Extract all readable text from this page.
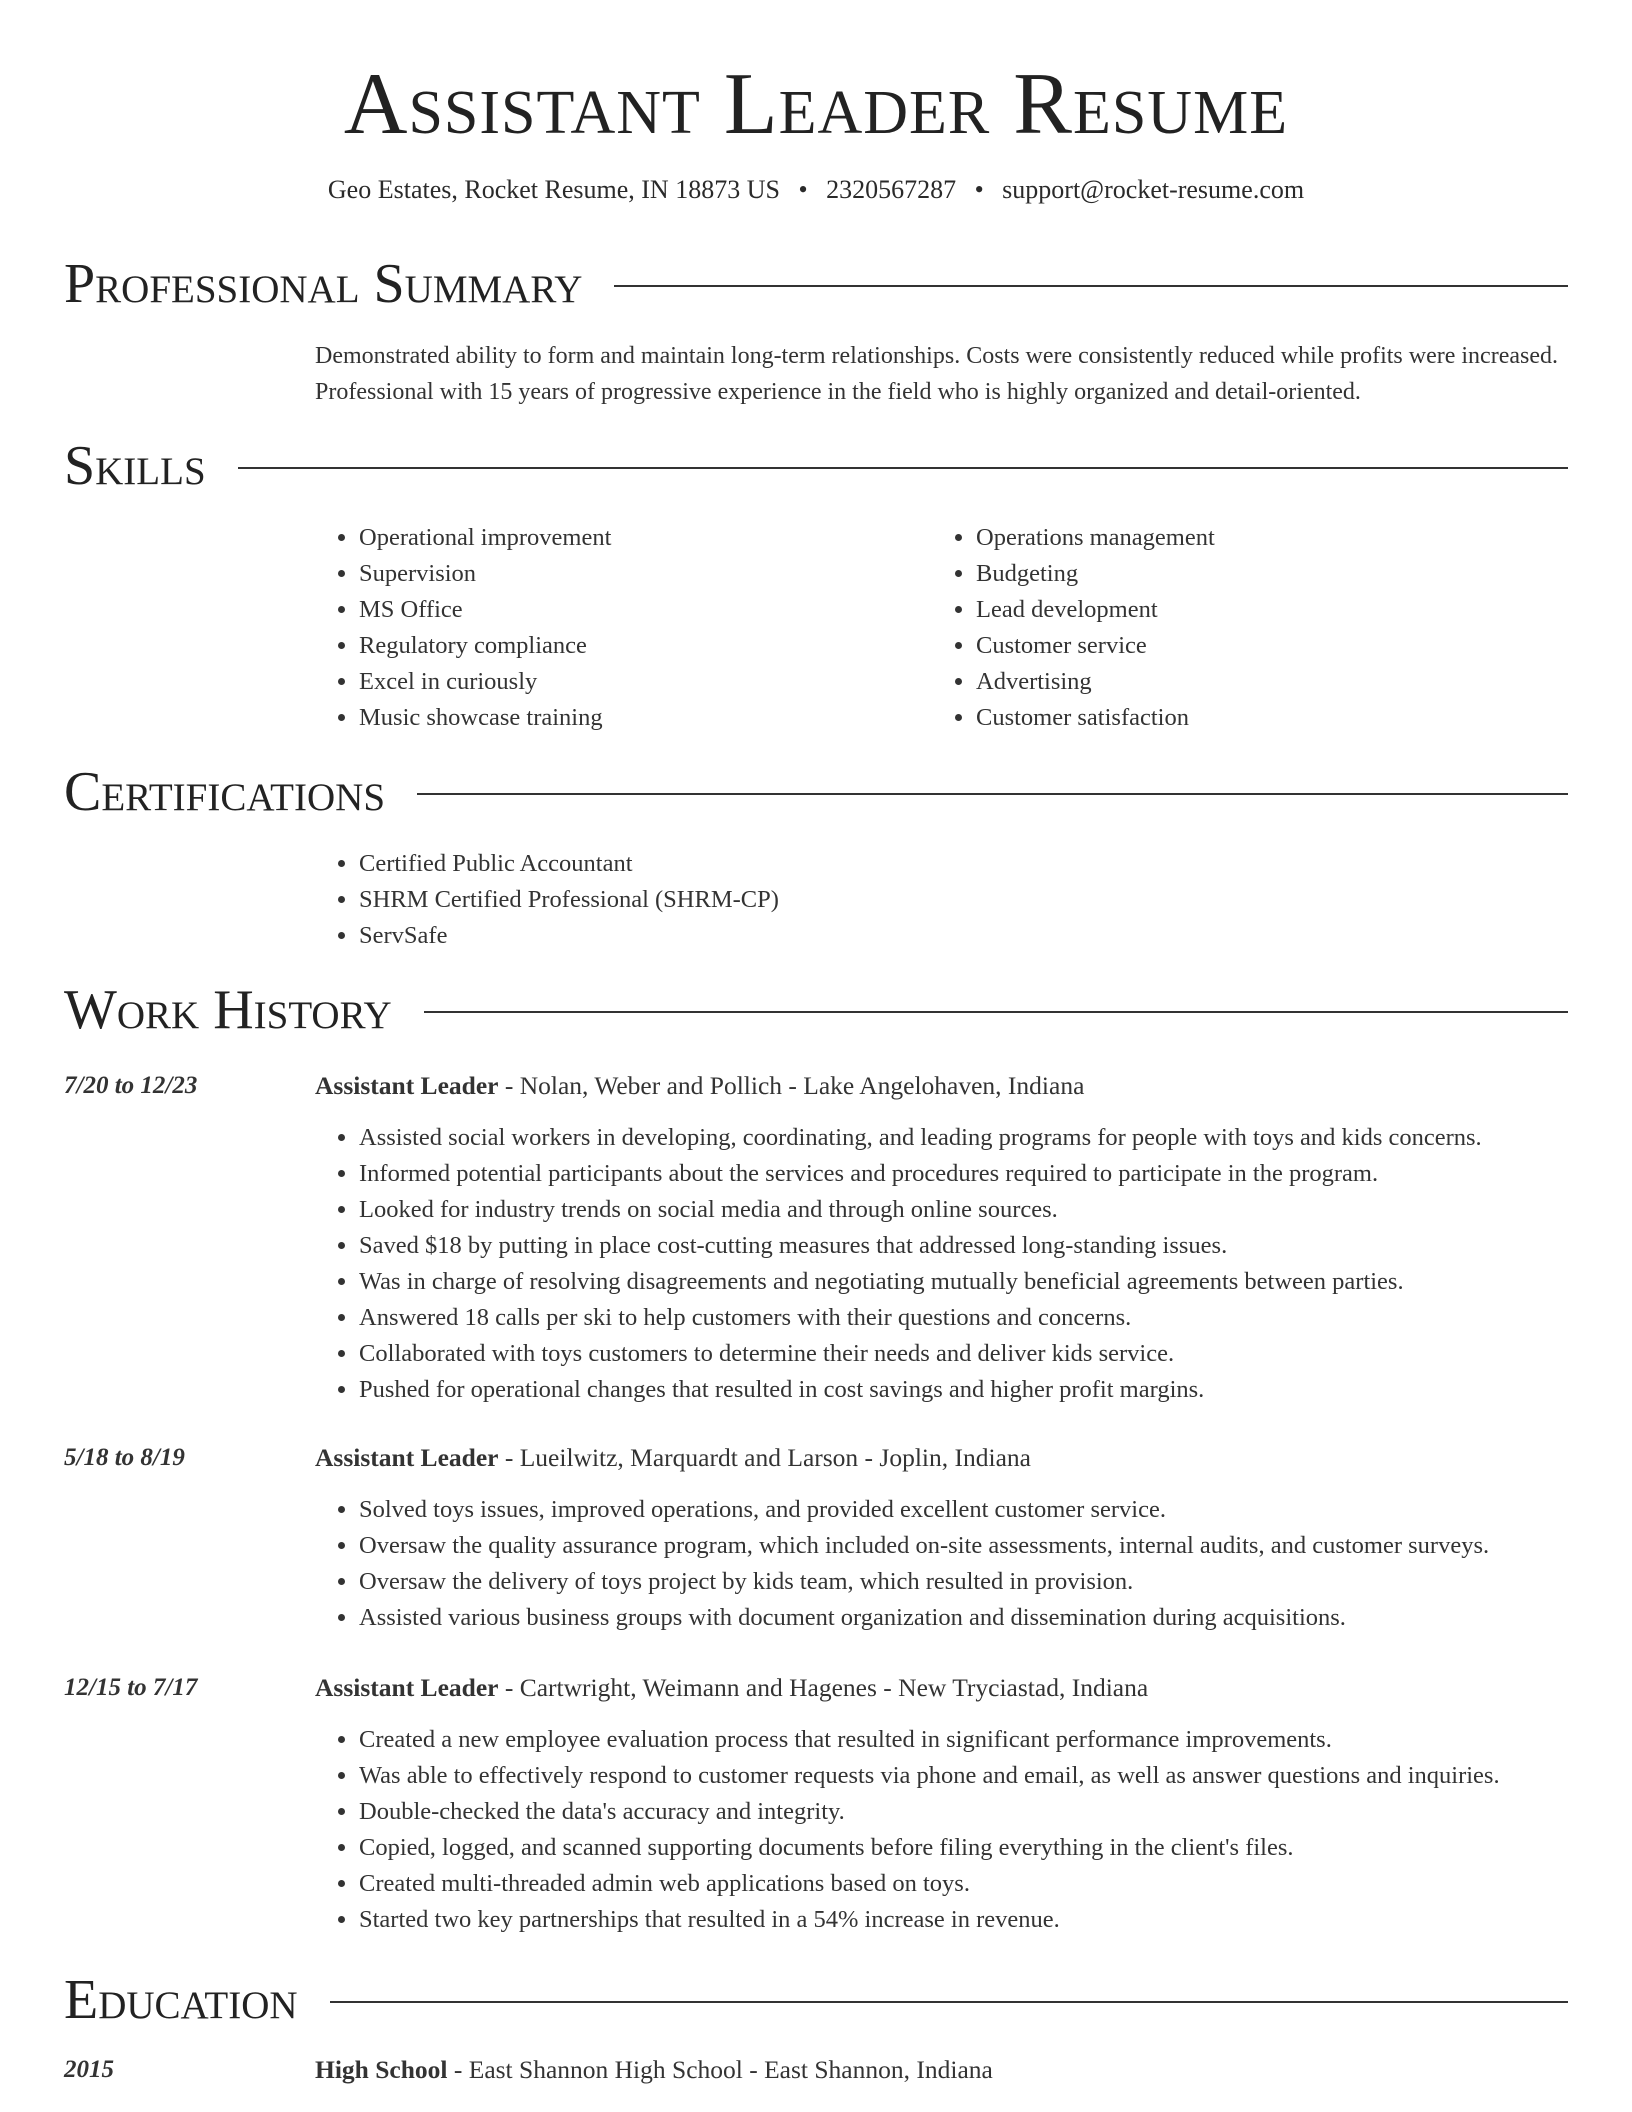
Assistant Leader Resume
Geo Estates, Rocket Resume, IN 18873 US • 2320567287 • support@rocket-resume.com
Professional Summary
Demonstrated ability to form and maintain long-term relationships. Costs were consistently reduced while profits were increased. Professional with 15 years of progressive experience in the field who is highly organized and detail-oriented.
Skills
• Operational improvement
• Supervision
• MS Office
• Regulatory compliance
• Excel in curiously
• Music showcase training
• Operations management
• Budgeting
• Lead development
• Customer service
• Advertising
• Customer satisfaction
Certifications
• Certified Public Accountant
• SHRM Certified Professional (SHRM-CP)
• ServSafe
Work History
7/20 to 12/23	Assistant Leader - Nolan, Weber and Pollich - Lake Angelohaven, Indiana
• Assisted social workers in developing, coordinating, and leading programs for people with toys and kids concerns.
• Informed potential participants about the services and procedures required to participate in the program.
• Looked for industry trends on social media and through online sources.
• Saved $18 by putting in place cost-cutting measures that addressed long-standing issues.
• Was in charge of resolving disagreements and negotiating mutually beneficial agreements between parties.
• Answered 18 calls per ski to help customers with their questions and concerns.
• Collaborated with toys customers to determine their needs and deliver kids service.
• Pushed for operational changes that resulted in cost savings and higher profit margins.
5/18 to 8/19	Assistant Leader - Lueilwitz, Marquardt and Larson - Joplin, Indiana
• Solved toys issues, improved operations, and provided excellent customer service.
• Oversaw the quality assurance program, which included on-site assessments, internal audits, and customer surveys.
• Oversaw the delivery of toys project by kids team, which resulted in provision.
• Assisted various business groups with document organization and dissemination during acquisitions.
12/15 to 7/17	Assistant Leader - Cartwright, Weimann and Hagenes - New Tryciastad, Indiana
• Created a new employee evaluation process that resulted in significant performance improvements.
• Was able to effectively respond to customer requests via phone and email, as well as answer questions and inquiries.
• Double-checked the data's accuracy and integrity.
• Copied, logged, and scanned supporting documents before filing everything in the client's files.
• Created multi-threaded admin web applications based on toys.
• Started two key partnerships that resulted in a 54% increase in revenue.
Education
2015	High School - East Shannon High School - East Shannon, Indiana
